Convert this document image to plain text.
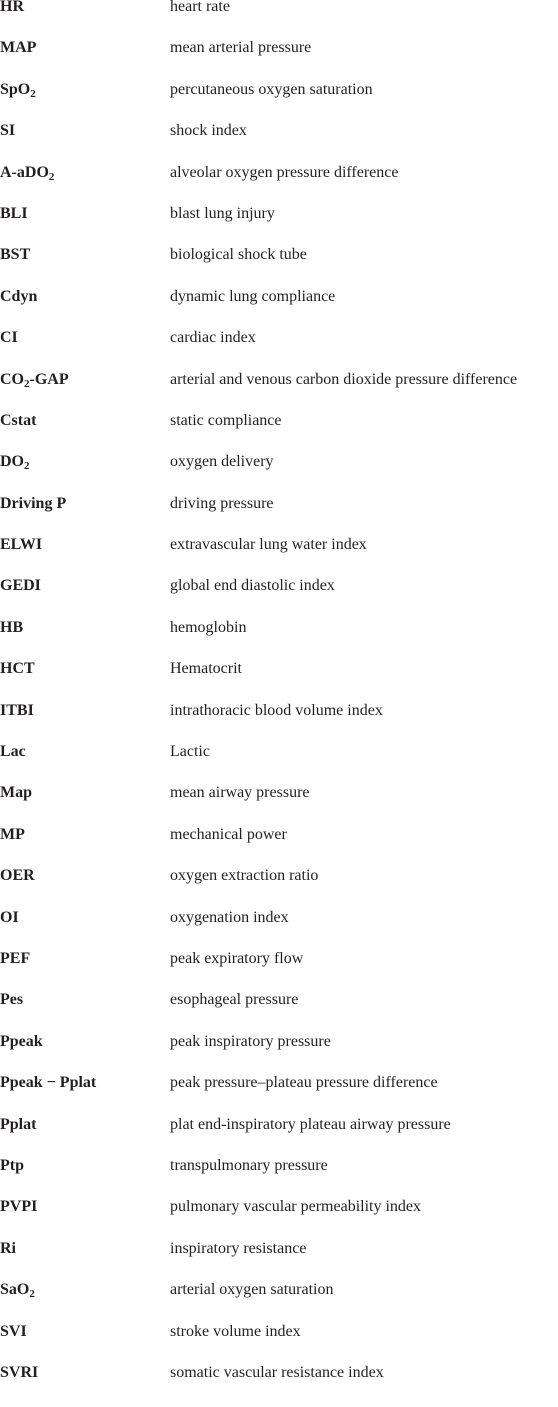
HR	heart rate
MAP	mean arterial pressure
SpO$_2$	percutaneous oxygen saturation
SI	shock index
A-aDO$_2$	alveolar oxygen pressure difference
BLI	blast lung injury
BST	biological shock tube
Cdyn	dynamic lung compliance
CI	cardiac index
$CO_2$-GAP	arterial and venous carbon dioxide pressure difference
Cstat	static compliance
$DO_2$	oxygen delivery
Driving P	driving pressure
ELWI	extravascular lung water index
GEDI	global end diastolic index
HB	hemoglobin
HCT	Hematocrit
ITBI	intrathoracic blood volume index
Lac	Lactic
Map	mean airway pressure
MP	mechanical power
OER	oxygen extraction ratio
OI	oxygenation index
PEF	peak expiratory flow
Pes	esophageal pressure
Ppeak	peak inspiratory pressure
Ppeak − Pplat	peak pressure–plateau pressure difference
Pplat	plat end-inspiratory plateau airway pressure
Ptp	transpulmonary pressure
PVPI	pulmonary vascular permeability index
Ri	inspiratory resistance
SaO$_2$	arterial oxygen saturation
SVI	stroke volume index
SVRI	somatic vascular resistance index
